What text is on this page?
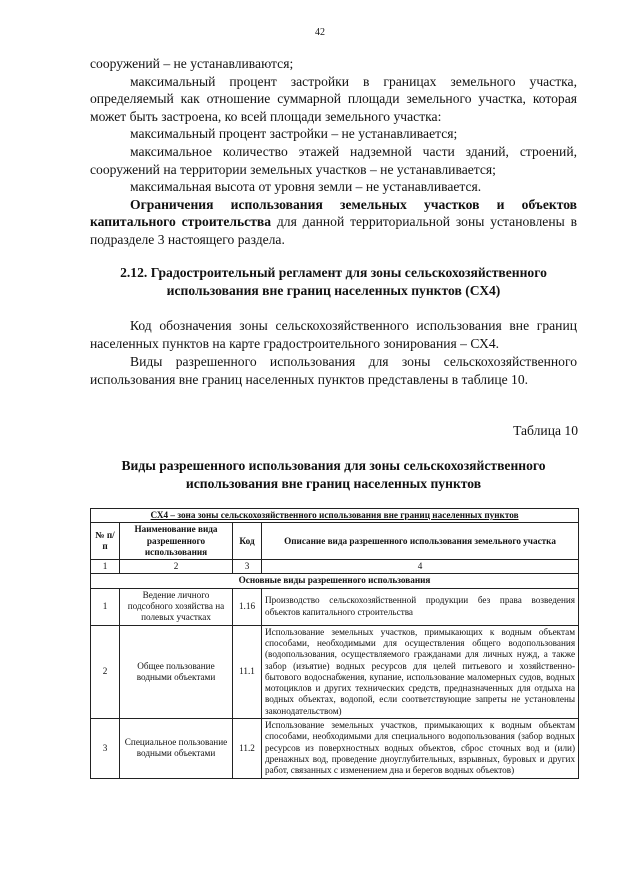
42

сооружений – не устанавливаются;

максимальный процент застройки в границах земельного участка, определяемый как отношение суммарной площади земельного участка, которая может быть застроена, ко всей площади земельного участка:

максимальный процент застройки – не устанавливается;

максимальное количество этажей надземной части зданий, строений, сооружений на территории земельных участков – не устанавливается;

максимальная высота от уровня земли – не устанавливается.

Ограничения использования земельных участков и объектов капитального строительства для данной территориальной зоны установлены в подразделе 3 настоящего раздела.

2.12. Градостроительный регламент для зоны сельскохозяйственного использования вне границ населенных пунктов (СХ4)

Код обозначения зоны сельскохозяйственного использования вне границ населенных пунктов на карте градостроительного зонирования – СХ4.

Виды разрешенного использования для зоны сельскохозяйственного использования вне границ населенных пунктов представлены в таблице 10.

Таблица 10
Виды разрешенного использования для зоны сельскохозяйственного использования вне границ населенных пунктов
СХ4 – зона зоны сельскохозяйственного использования вне границ населенных пунктов			
№ п/п	Наименование вида разрешенного использования	Код	Описание вида разрешенного использования земельного участка
1	2	3	4
Основные виды разрешенного использования			
1	Ведение личного подсобного хозяйства на полевых участках	1.16	Производство сельскохозяйственной продукции без права возведения объектов капитального строительства
2	Общее пользование водными объектами	11.1	Использование земельных участков, примыкающих к водным объектам способами, необходимыми для осуществления общего водопользования (водопользования, осуществляемого гражданами для личных нужд, а также забор (изъятие) водных ресурсов для целей питьевого и хозяйственно-бытового водоснабжения, купание, использование маломерных судов, водных мотоциклов и других технических средств, предназначенных для отдыха на водных объектах, водопой, если соответствующие запреты не установлены законодательством)
3	Специальное пользование водными объектами	11.2	Использование земельных участков, примыкающих к водным объектам способами, необходимыми для специального водопользования (забор водных ресурсов из поверхностных водных объектов, сброс сточных вод и (или) дренажных вод, проведение дноуглубительных, взрывных, буровых и других работ, связанных с изменением дна и берегов водных объектов)
